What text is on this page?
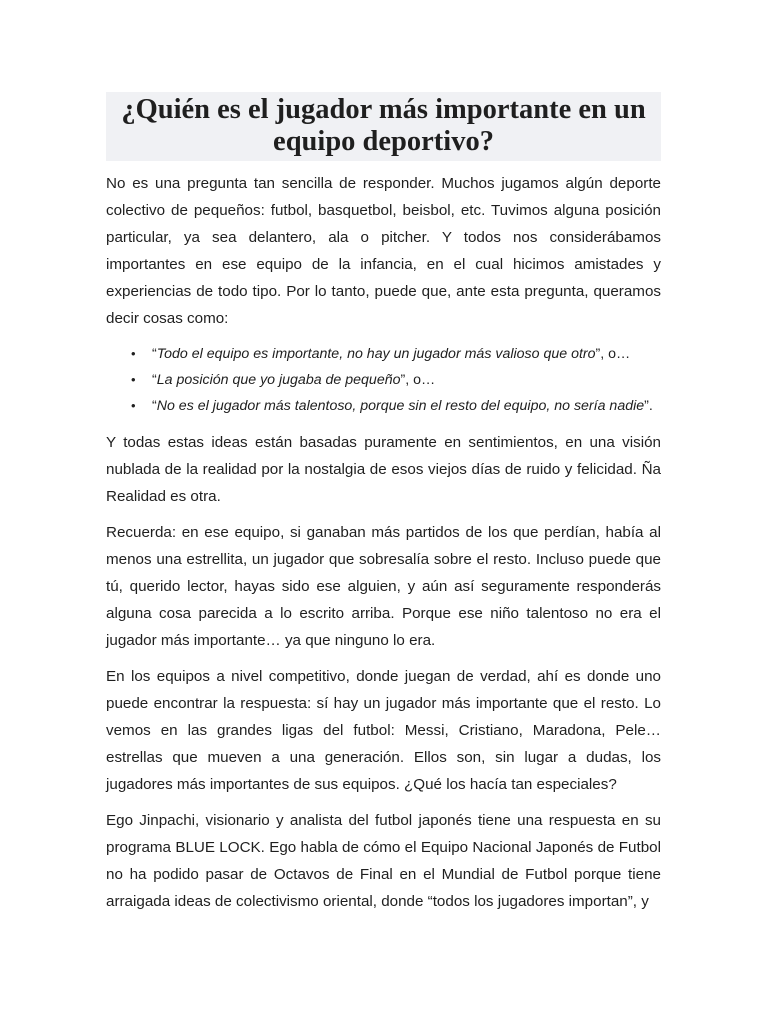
¿Quién es el jugador más importante en un equipo deportivo?

No es una pregunta tan sencilla de responder. Muchos jugamos algún deporte colectivo de pequeños: futbol, basquetbol, beisbol, etc. Tuvimos alguna posición particular, ya sea delantero, ala o pitcher. Y todos nos considerábamos importantes en ese equipo de la infancia, en el cual hicimos amistades y experiencias de todo tipo. Por lo tanto, puede que, ante esta pregunta, queramos decir cosas como:

• “Todo el equipo es importante, no hay un jugador más valioso que otro”, o…
• “La posición que yo jugaba de pequeño”, o…
• “No es el jugador más talentoso, porque sin el resto del equipo, no sería nadie”.

Y todas estas ideas están basadas puramente en sentimientos, en una visión nublada de la realidad por la nostalgia de esos viejos días de ruido y felicidad. Ña Realidad es otra.

Recuerda: en ese equipo, si ganaban más partidos de los que perdían, había al menos una estrellita, un jugador que sobresalía sobre el resto. Incluso puede que tú, querido lector, hayas sido ese alguien, y aún así seguramente responderás alguna cosa parecida a lo escrito arriba. Porque ese niño talentoso no era el jugador más importante… ya que ninguno lo era.

En los equipos a nivel competitivo, donde juegan de verdad, ahí es donde uno puede encontrar la respuesta: sí hay un jugador más importante que el resto. Lo vemos en las grandes ligas del futbol: Messi, Cristiano, Maradona, Pele… estrellas que mueven a una generación. Ellos son, sin lugar a dudas, los jugadores más importantes de sus equipos. ¿Qué los hacía tan especiales?

Ego Jinpachi, visionario y analista del futbol japonés tiene una respuesta en su programa BLUE LOCK. Ego habla de cómo el Equipo Nacional Japonés de Futbol no ha podido pasar de Octavos de Final en el Mundial de Futbol porque tiene arraigada ideas de colectivismo oriental, donde “todos los jugadores importan”, y
